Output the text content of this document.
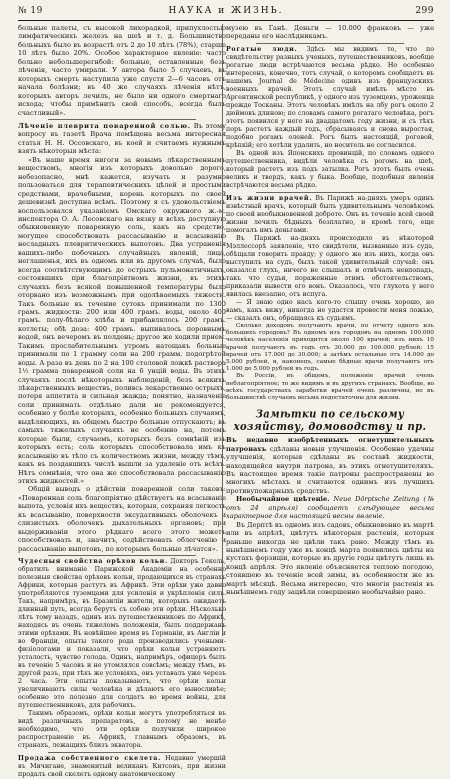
№ 19	НАУКА и ЖИЗНЬ.	299

больные палеты, съ высокой лихорадкой, припухлостью лимфатическихъ железъ на шеѣ и т. д. Большинство больныхъ было въ возрастѣ отъ 2 до 10 лѣтъ (78%), старше 10 лѣтъ было 20%. Особое характерное явленіе: часто больно небольшерегнбой: больные, оставленные безъ лѣченія, часто умирали. У автора было 5 случаевъ, въ которыхъ смерть наступила уже спустя 2—6 часовъ отъ начала болѣзни; въ 40 же случаяхъ лѣченія нѣтъ, которыхъ авторъ лечилъ, не было ни одного смертнаго исхода; чтобы примѣнить свой способъ, всегда былъ счастливый».

Лѣченіе плеврита поваренной солью. Въ этому вопросу въ газетѣ Врача помѣщена весьма интересная статья Н. Н. Оссовскаго, въ коей и считаемъ нужнымъ взять нѣкоторыя мѣста:

«Въ наше время нигоги за новымъ лѣкарственнымъ веществомъ, многія изъ которыхъ довольно дорого, небезопасно, мнѣ кажется, изучать и разумно пользоваться для терапевтическихъ цѣлей и простыми средствами, врачебными, корень которыхъ по своей дешевизнѣ доступна всѣмъ. Поэтому я съ удовольствіемъ воспользовался указаніемъ Омскаго окружного ж.-м. инспектора О. А. Лесовскаго на вязку и всѣхъ доступную обыкновенную поваренную соль, какъ на средство, могущее способствовать рассасыванію и всасыванію несладныхъ плевритическихъ выпотовъ. Два устраненія вашихъ-либо побочныхъ случайныхъ явленій, лица, неглашенья, ихъ въ одномъ или въ другомъ случаѣ, было всегда соотвѣтствующимъ до острыхъ пульмонатичныхъ, состоявшихъ при благопріятномъ жизни, въ этихъ случаяхъ безъ всякой повышенной температуры было оторвано изъ возможнымъ при одолѣваемыхъ тяжести. Такъ больные въ течение сутокъ принимали по 1300 грамъ. жидкостн: 200 или 400 грамъ. воды, около 400 грамъ. полу-бѣлаго хлѣба и прибавлялось 200 грамъ. котлеты; обѣ доза: 400 грамъ. выпивалось поровнымъ водой, онъ вечеромъ въ полдень; другое же ходили прием. Такимъ прослабительнымъ утромъ натощакъ больные принимали по 1 грамму соли на 200 грамм. подогрѣтой воды. А раза въ день по 2 на 100 столовой ложкѣ раствора 1½ грамма поваренной соли на 6 унцій воды. Въ этихъ случаяхъ послѣ нѣкоторыхъ наблюденій, безъ всякихъ лѣкарственныхъ веществъ, поливсь лекарственно острыхъ, потеря аппетита и сильная жажда; понятно, назначеніе соли принимать отдѣльно дали не рекомендуется, особенно у болѣе которыхъ, особенно больныхъ случаямъ, выдѣляющихъ, въ общемъ быстро больные отпускаютъ; въ самыхъ тяжелыхъ случаяхъ не особенно на, потомъ которые были, случаемъ, которыхъ безъ сомнѣній изъ которыхъ есть; соль которыхъ способствовала имъ къ всасыванію въ тѣло съ количествомъ жизни, между тѣмъ, какъ въ поздавшихъ числѣ вышли за удаленіе отъ всѣхъ. Нѣтъ сомнѣнія, что она же способствовала рассасыванію этихъ жидкостей.»

Общій выводъ о дѣйствіи поваренной соли таковъ: «Поваренная соль благопріятно дѣйствуетъ на всасываніе выпота, условія ихъ веществъ, которыя, сохраняя легкость къ всасыванію, поверхности эксудативныхъ оболочекъ и слизистыхъ оболочекъ дыхательныхъ органовъ; при выдерживаніи этого рѣдкаго всего этого можетъ способствовать и, значитъ, содѣйствовать облегченію и рассасыванію выпотовъ, по которымъ больные лѣчатся».

Чудесныя свойства орѣхов кольи. Докторъ Гекель, обратилъ вниманіе Парижской Академіи на особенно полезныя свойства орѣховъ кольи, продающихся въ странахъ Африки, которыя растутъ въ Африкѣ. Эти орѣхи уже давно употребляются туземцами для усиленія и укрѣпленія силъ. Такъ, напримѣръ, въ Бразиліи жители, которыхъ ожидаетъ длинный путь, всегда берутъ съ собою эти орѣхи. Нѣсколько лѣтъ тому назадъ, одинъ изъ путешественниковъ по Африкѣ, находясь въ очень тяжеломъ положеніи, былъ поддержанъ этими орѣхами. Въ новѣйшее время въ Германіи, въ Англіи и во Франціи, опыты такого рода производились учеными-физіологами и показали, что орѣхи кольи устраняютъ усталость, чувство голода. Одинъ, напримѣръ, офицеръ былъ въ теченіе 5 часовъ и не утомлялся совсѣмъ; между тѣмъ, въ другой разъ, при тѣхъ же условіяхъ, онъ уставалъ уже черезъ 2 часа. Эти опыты показываютъ, что орѣхи кольи увеличиваютъ силы человѣка и дѣлаютъ его выносливѣе; особенно это полезно для солдатъ во время войны, для путешественниковъ, для рабочихъ.

Такимъ образомъ, орѣхи кольи могутъ употребляться въ видѣ различныхъ препаратовъ, а потому не менѣе необходимо, что эти орѣхи получили широкое распространеніе въ Африкѣ, главнымъ образомъ, въ странахъ, лежащихъ близъ экватора.

Продажа собственного скелета. Недавно умершій въ Мичигане, знаменитый великанъ Китсонъ, при жизни продалъ свой скелетъ одному анатомическому

музею въ Ганѣ. Деньги — 10.000 франковъ — уже переданы его наслѣдникамъ.

Рогатые люди. Здѣсь мы видимъ то, что по свидѣтельству разныхъ ученыхъ, путешественниковъ, вообще рогатые люди встрѣчаются весьма рѣдко. Но особенно интересенъ, конечно, тотъ случай, о которомъ сообщаетъ въ нашемъ Journal de Médecine одинъ изъ французскихъ военныхъ врачей. Этотъ случай имѣлъ мѣсто въ Аргентинской республикѣ, у одного изъ туземцевъ, уроженца прежде Тосканы. Этотъ человѣкъ имѣлъ на лбу рогъ около 2 дюймовъ длиною; по словамъ самого рогатаго человѣка, рогъ этотъ появился у него на двадцатомъ году жизни, и съ тѣхъ поръ растетъ каждый годъ, сбрасываясь и снова выростая, подобно рогамъ оленей. Рогъ былъ настоящій, роговой, крѣпкій; его хотѣли удалить, но носитель не согласился.

Въ одной изъ Японскихъ провинцій, по словамъ одного путешественника, видѣли человѣка съ рогомъ на шеѣ, который растетъ изъ подъ затылка. Рогъ этотъ былъ очень великъ и твердъ, какъ у быка. Вообще, подобныя явленія встрѣчаются весьма рѣдко.

Изъ жизни врачей. Въ Парижѣ на-дняхъ умеръ одинъ извѣстный врачъ, который былъ удивительнымъ человѣкомъ по своей необыкновенной доброте. Онъ въ теченіе всей своей жизни лечилъ бѣдныхъ безплатно, и кромѣ того, еще помогалъ имъ деньгами.

Въ Парижѣ на-дняхъ происходило въ нѣкоторой Мэллессорѣ заявленіе, что свидѣтели, вызванные изъ суда, обѣщали говорить правду; у одного же изъ нихъ, когда онъ выступилъ на судъ, былъ такой удивительный случай: онъ оказался глухъ, ничего не слышалъ и отвѣчалъ невпопадъ, такъ что судьи, пораженные этимъ обстоятельствомъ, приказали вывести его вонъ. Оказалось, что глухота у него явилась внезапно, отъ испуга.

— Я знаю одно насъ кого-то слышу очень хорошо, но вамъ, какъ вижу, никогда не удастся провести меня ложью, — сказалъ онъ, обращаясь къ судьямъ.

Сколько доходовъ получаютъ врачи, по отчету одного изъ большихъ городовъ? Въ одномъ изъ городовъ на одномъ 100.000 человѣкъ населенія приходится около 100 врачей; изъ нихъ 10 врачей получаютъ въ годъ отъ 30.000 до 100.000 рублей; 15 врачей отъ 17.000 до 30.000; а затѣмъ остальные отъ 14.000 до 5.000 рублей, и, наконецъ, самые бѣдные врачи получаютъ отъ 1.000 до 5.000 рублей въ годъ.

Въ Россіи, въ общемъ, положеніе врачей очень неблагопріятное; то же видимъ и въ другихъ странахъ. Вообще, во всѣхъ государствахъ заработки врачей очень различны, но въ большинствѣ случаевъ весьма недостаточны для жизни.

Замѣтки по сельскому хозяйству, домоводству и пр.

Въ недавно изобрѣтенныхъ огнетушительныхъ патронахъ сдѣланы новыя улучшенія. Особенно удачны улучшенія, которыя сдѣланы въ составѣ жидкости, находящейся внутри патрона, въ этихъ огнетушителяхъ. Въ настоящее время такіе патроны распространены во многихъ мѣстахъ и считаются однимъ изъ лучшихъ противупожарныхъ средствъ.

Необычайное цвѣтеніе. Neue Dörptsche Zeitung (№ отъ 24 апрѣля) сообщаетъ слѣдующее весьма характерное для настоящей весны явленіе.

Въ Дерптѣ въ одномъ изъ садовъ, обыкновенно въ мартѣ или въ апрѣлѣ, цвѣтутъ нѣкоторыя растенія, которыя раньше никогда не цвѣли такъ рано. Между тѣмъ въ нынѣшнемъ году уже въ концѣ марта появились цвѣты на кустахъ форзиціи, которые въ другіе годы цвѣтутъ лишь въ концѣ апрѣля. Это явленіе объясняется теплою погодою, стоявшею въ теченіе всей зимы, въ особенности же въ мартѣ мѣсяцѣ. Весьма интересно, что многія растенія въ нынѣшнемъ году зацвѣли совершенно необычайно рано.
